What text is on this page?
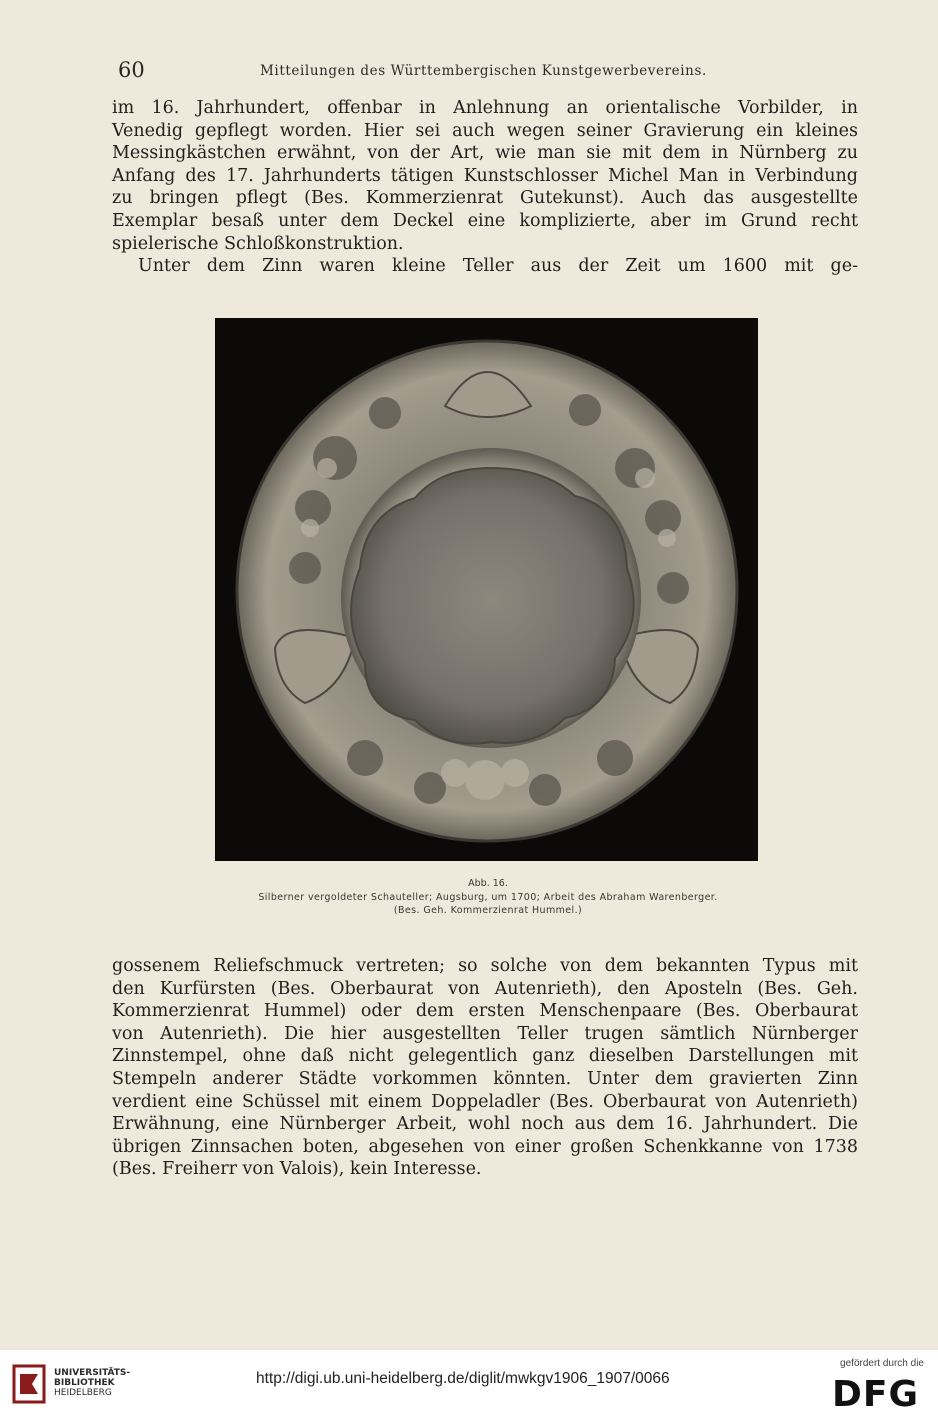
60	Mitteilungen des Württembergischen Kunstgewerbevereins.
im 16. Jahrhundert, offenbar in Anlehnung an orientalische Vorbilder, in
Venedig gepflegt worden. Hier sei auch wegen seiner Gravierung ein kleines
Messingkästchen erwähnt, von der Art, wie man sie mit dem in Nürnberg zu
Anfang des 17. Jahrhunderts tätigen Kunstschlosser Michel Man in Verbindung
zu bringen pflegt (Bes. Kommerzienrat Gutekunst). Auch das ausgestellte
Exemplar besaß unter dem Deckel eine komplizierte, aber im Grund recht
spielerische Schloßkonstruktion.
Unter dem Zinn waren kleine Teller aus der Zeit um 1600 mit ge-
Abb. 16.
Silberner vergoldeter Schauteller; Augsburg, um 1700; Arbeit des Abraham Warenberger.
(Bes. Geh. Kommerzienrat Hummel.)
gossenem Reliefschmuck vertreten; so solche von dem bekannten Typus mit
den Kurfürsten (Bes. Oberbaurat von Autenrieth), den Aposteln (Bes. Geh.
Kommerzienrat Hummel) oder dem ersten Menschenpaare (Bes. Oberbaurat
von Autenrieth). Die hier ausgestellten Teller trugen sämtlich Nürnberger
Zinnstempel, ohne daß nicht gelegentlich ganz dieselben Darstellungen mit
Stempeln anderer Städte vorkommen könnten. Unter dem gravierten Zinn
verdient eine Schüssel mit einem Doppeladler (Bes. Oberbaurat von Autenrieth)
Erwähnung, eine Nürnberger Arbeit, wohl noch aus dem 16. Jahrhundert. Die
übrigen Zinnsachen boten, abgesehen von einer großen Schenkkanne von 1738
(Bes. Freiherr von Valois), kein Interesse.
UNIVERSITÄTS-
BIBLIOTHEK
HEIDELBERG
http://digi.ub.uni-heidelberg.de/diglit/mwkgv1906_1907/0066
gefördert durch die
DFG
